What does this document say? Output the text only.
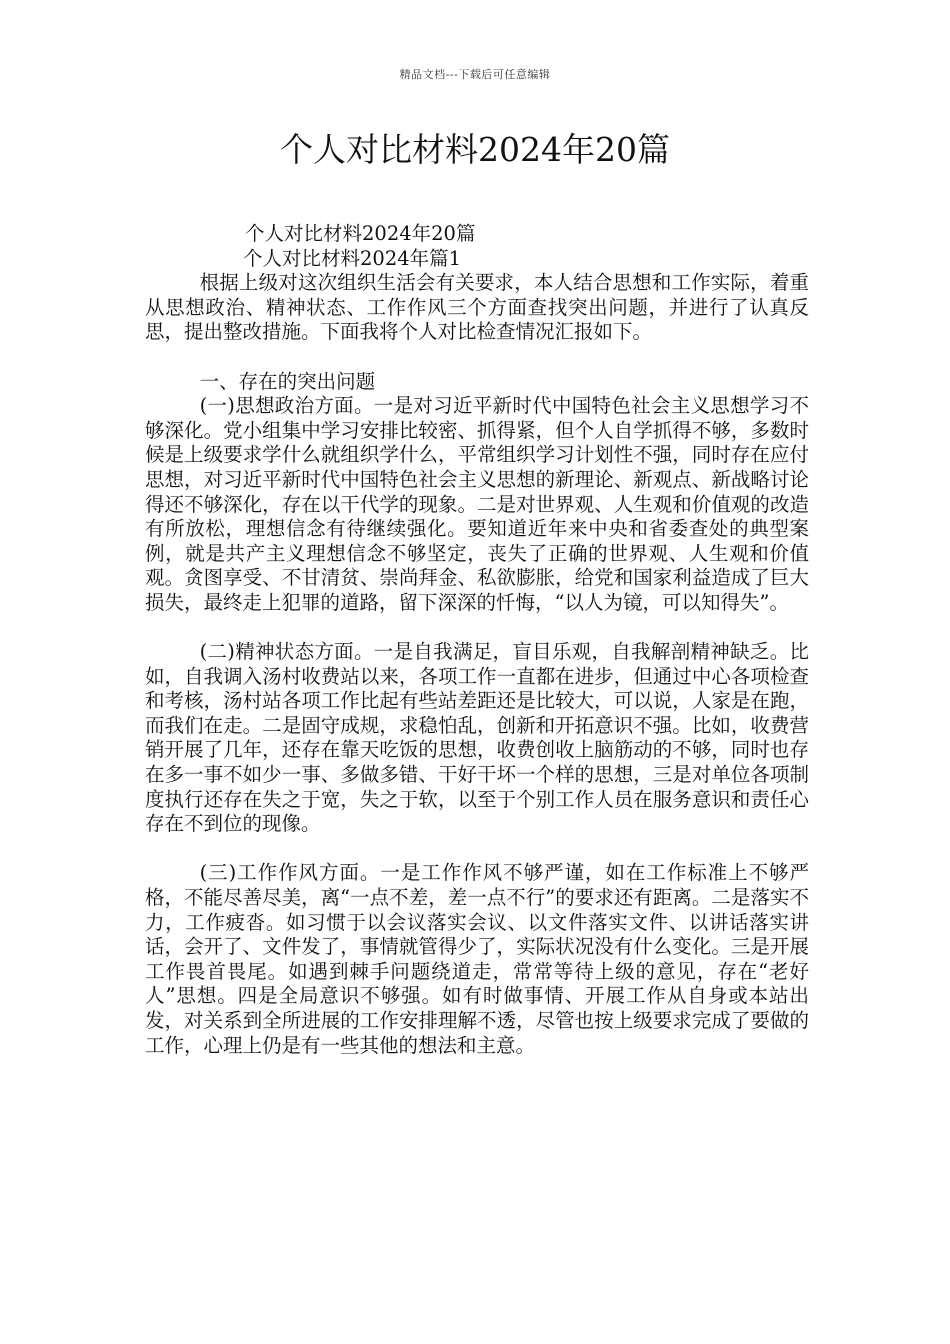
精品文档---下载后可任意编辑
个人对比材料2024年20篇

个人对比材料2024年20篇

个人对比材料2024年篇1

根据上级对这次组织生活会有关要求，本人结合思想和工作实际，着重从思想政治、精神状态、工作作风三个方面查找突出问题，并进行了认真反思，提出整改措施。下面我将个人对比检查情况汇报如下。

一、存在的突出问题

(一)思想政治方面。一是对习近平新时代中国特色社会主义思想学习不够深化。党小组集中学习安排比较密、抓得紧，但个人自学抓得不够，多数时候是上级要求学什么就组织学什么，平常组织学习计划性不强，同时存在应付思想，对习近平新时代中国特色社会主义思想的新理论、新观点、新战略讨论得还不够深化，存在以干代学的现象。二是对世界观、人生观和价值观的改造有所放松，理想信念有待继续强化。要知道近年来中央和省委查处的典型案例，就是共产主义理想信念不够坚定，丧失了正确的世界观、人生观和价值观。贪图享受、不甘清贫、崇尚拜金、私欲膨胀，给党和国家利益造成了巨大损失，最终走上犯罪的道路，留下深深的忏悔，“以人为镜，可以知得失”。

(二)精神状态方面。一是自我满足，盲目乐观，自我解剖精神缺乏。比如，自我调入汤村收费站以来，各项工作一直都在进步，但通过中心各项检查和考核，汤村站各项工作比起有些站差距还是比较大，可以说，人家是在跑，而我们在走。二是固守成规，求稳怕乱，创新和开拓意识不强。比如，收费营销开展了几年，还存在靠天吃饭的思想，收费创收上脑筋动的不够，同时也存在多一事不如少一事、多做多错、干好干坏一个样的思想，三是对单位各项制度执行还存在失之于宽，失之于软，以至于个别工作人员在服务意识和责任心存在不到位的现像。

(三)工作作风方面。一是工作作风不够严谨，如在工作标准上不够严格，不能尽善尽美，离“一点不差，差一点不行”的要求还有距离。二是落实不力，工作疲沓。如习惯于以会议落实会议、以文件落实文件、以讲话落实讲话，会开了、文件发了，事情就管得少了，实际状况没有什么变化。三是开展工作畏首畏尾。如遇到棘手问题绕道走，常常等待上级的意见，存在“老好人”思想。四是全局意识不够强。如有时做事情、开展工作从自身或本站出发，对关系到全所进展的工作安排理解不透，尽管也按上级要求完成了要做的工作，心理上仍是有一些其他的想法和主意。
